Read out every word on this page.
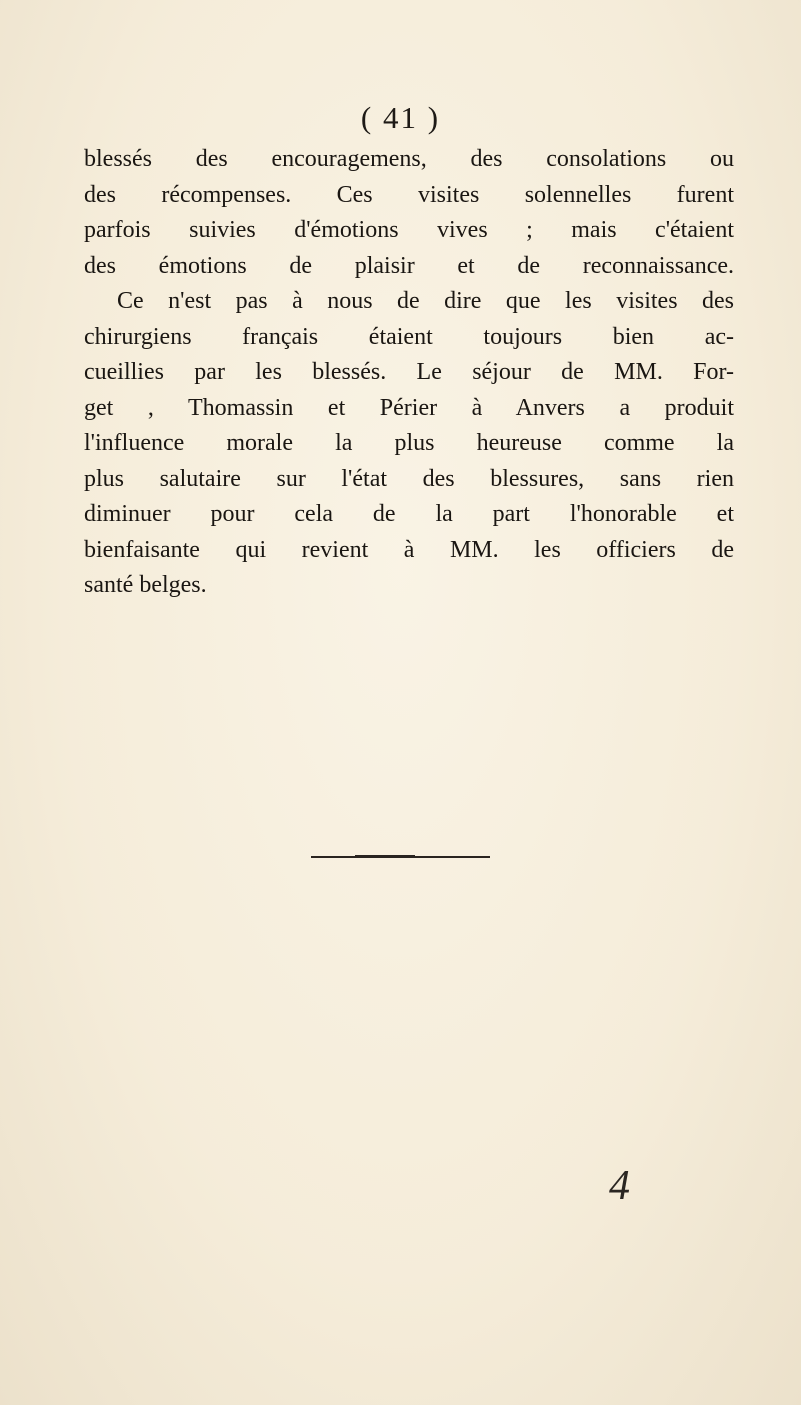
( 41 )
blessés des encouragemens, des consolations ou
des récompenses. Ces visites solennelles furent
parfois suivies d'émotions vives ; mais c'étaient
des émotions de plaisir et de reconnaissance.
Ce n'est pas à nous de dire que les visites des
chirurgiens français étaient toujours bien ac-
cueillies par les blessés. Le séjour de MM. For-
get , Thomassin et Périer à Anvers a produit
l'influence morale la plus heureuse comme la
plus salutaire sur l'état des blessures, sans rien
diminuer pour cela de la part l'honorable et
bienfaisante qui revient à MM. les officiers de
santé belges.
4
